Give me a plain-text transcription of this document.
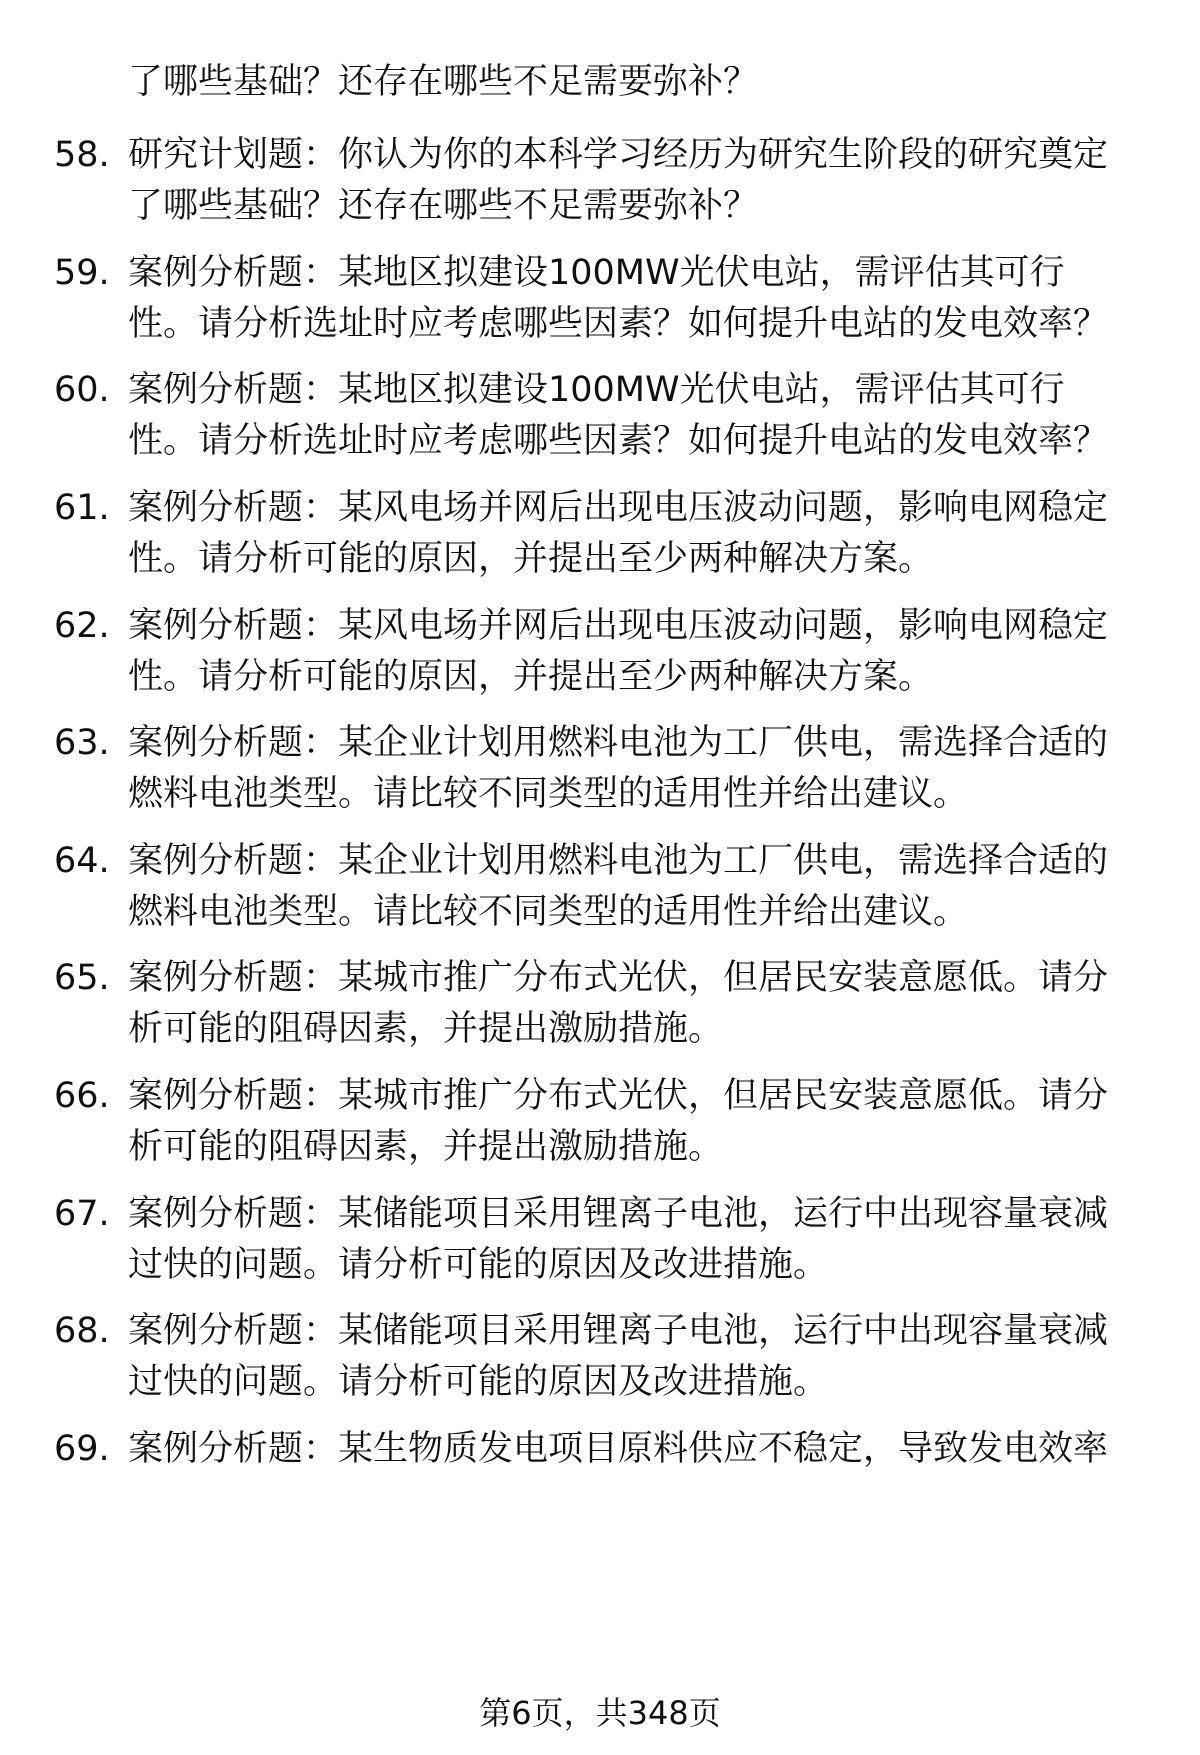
了哪些基础？还存在哪些不足需要弥补？
58. 研究计划题：你认为你的本科学习经历为研究生阶段的研究奠定
了哪些基础？还存在哪些不足需要弥补？
59. 案例分析题：某地区拟建设100MW光伏电站，需评估其可行
性。请分析选址时应考虑哪些因素？如何提升电站的发电效率？
60. 案例分析题：某地区拟建设100MW光伏电站，需评估其可行
性。请分析选址时应考虑哪些因素？如何提升电站的发电效率？
61. 案例分析题：某风电场并网后出现电压波动问题，影响电网稳定
性。请分析可能的原因，并提出至少两种解决方案。
62. 案例分析题：某风电场并网后出现电压波动问题，影响电网稳定
性。请分析可能的原因，并提出至少两种解决方案。
63. 案例分析题：某企业计划用燃料电池为工厂供电，需选择合适的
燃料电池类型。请比较不同类型的适用性并给出建议。
64. 案例分析题：某企业计划用燃料电池为工厂供电，需选择合适的
燃料电池类型。请比较不同类型的适用性并给出建议。
65. 案例分析题：某城市推广分布式光伏，但居民安装意愿低。请分
析可能的阻碍因素，并提出激励措施。
66. 案例分析题：某城市推广分布式光伏，但居民安装意愿低。请分
析可能的阻碍因素，并提出激励措施。
67. 案例分析题：某储能项目采用锂离子电池，运行中出现容量衰减
过快的问题。请分析可能的原因及改进措施。
68. 案例分析题：某储能项目采用锂离子电池，运行中出现容量衰减
过快的问题。请分析可能的原因及改进措施。
69. 案例分析题：某生物质发电项目原料供应不稳定，导致发电效率
第6页，共348页
